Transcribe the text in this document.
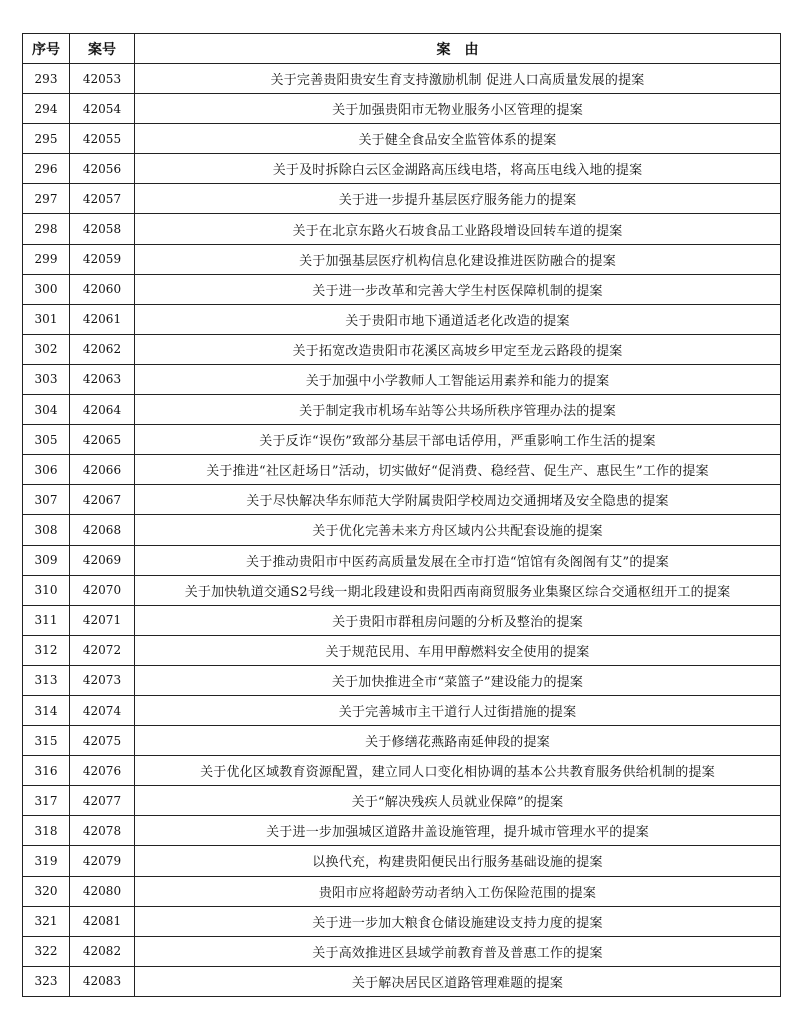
序号	案号	案　由
293	42053	关于完善贵阳贵安生育支持激励机制 促进人口高质量发展的提案
294	42054	关于加强贵阳市无物业服务小区管理的提案
295	42055	关于健全食品安全监管体系的提案
296	42056	关于及时拆除白云区金湖路高压线电塔，将高压电线入地的提案
297	42057	关于进一步提升基层医疗服务能力的提案
298	42058	关于在北京东路火石坡食品工业路段增设回转车道的提案
299	42059	关于加强基层医疗机构信息化建设推进医防融合的提案
300	42060	关于进一步改革和完善大学生村医保障机制的提案
301	42061	关于贵阳市地下通道适老化改造的提案
302	42062	关于拓宽改造贵阳市花溪区高坡乡甲定至龙云路段的提案
303	42063	关于加强中小学教师人工智能运用素养和能力的提案
304	42064	关于制定我市机场车站等公共场所秩序管理办法的提案
305	42065	关于反诈“误伤”致部分基层干部电话停用，严重影响工作生活的提案
306	42066	关于推进“社区赶场日”活动，切实做好“促消费、稳经营、促生产、惠民生”工作的提案
307	42067	关于尽快解决华东师范大学附属贵阳学校周边交通拥堵及安全隐患的提案
308	42068	关于优化完善未来方舟区域内公共配套设施的提案
309	42069	关于推动贵阳市中医药高质量发展在全市打造“馆馆有灸阁阁有艾”的提案
310	42070	关于加快轨道交通S2号线一期北段建设和贵阳西南商贸服务业集聚区综合交通枢纽开工的提案
311	42071	关于贵阳市群租房问题的分析及整治的提案
312	42072	关于规范民用、车用甲醇燃料安全使用的提案
313	42073	关于加快推进全市“菜篮子”建设能力的提案
314	42074	关于完善城市主干道行人过街措施的提案
315	42075	关于修缮花燕路南延伸段的提案
316	42076	关于优化区域教育资源配置，建立同人口变化相协调的基本公共教育服务供给机制的提案
317	42077	关于“解决残疾人员就业保障”的提案
318	42078	关于进一步加强城区道路井盖设施管理，提升城市管理水平的提案
319	42079	以换代充，构建贵阳便民出行服务基础设施的提案
320	42080	贵阳市应将超龄劳动者纳入工伤保险范围的提案
321	42081	关于进一步加大粮食仓储设施建设支持力度的提案
322	42082	关于高效推进区县域学前教育普及普惠工作的提案
323	42083	关于解决居民区道路管理难题的提案
